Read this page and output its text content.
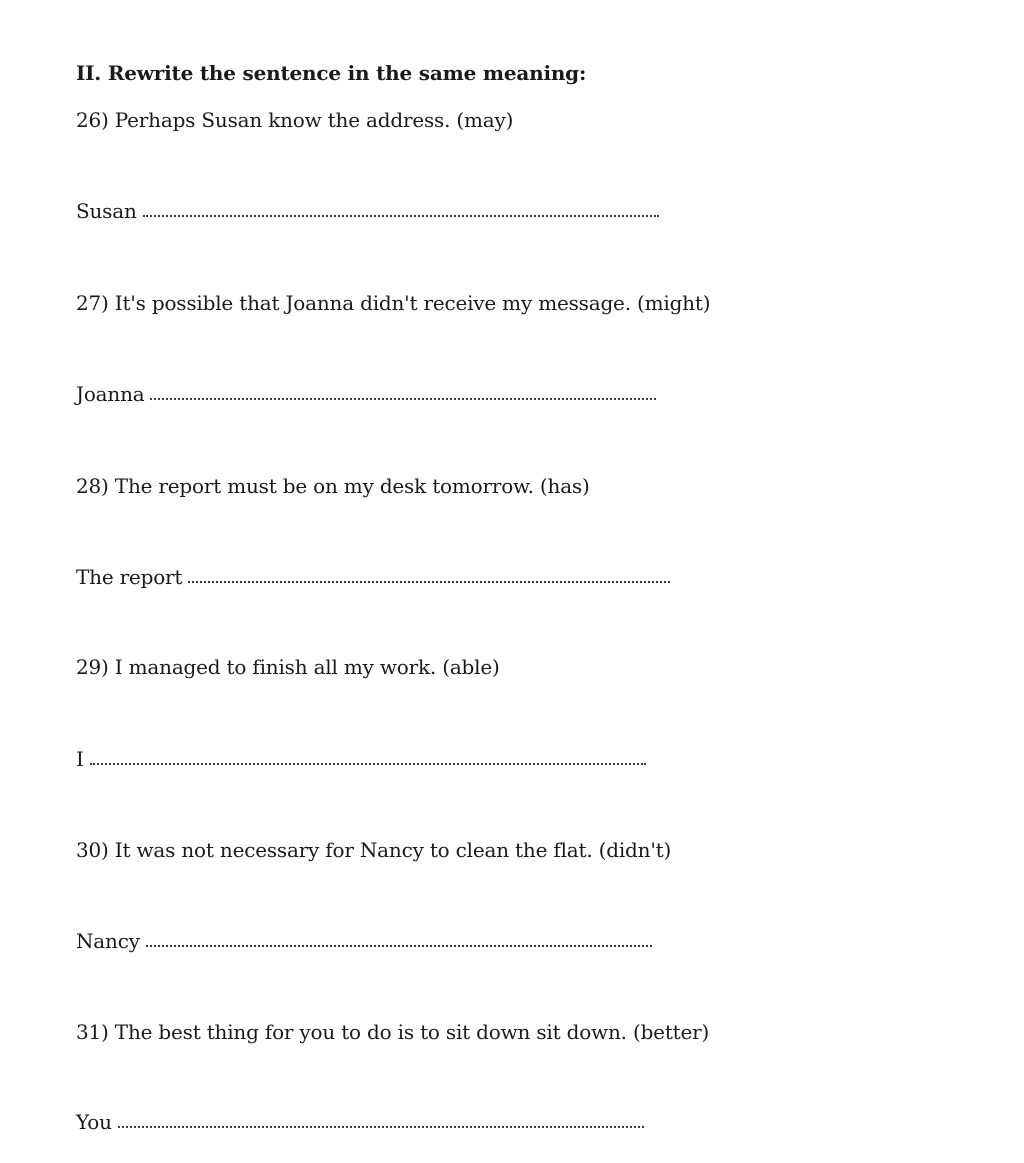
II. Rewrite the sentence in the same meaning:
26) Perhaps Susan know the address. (may)
Susan
27) It's possible that Joanna didn't receive my message. (might)
Joanna
28) The report must be on my desk tomorrow. (has)
The report
29) I managed to finish all my work. (able)
I
30) It was not necessary for Nancy to clean the flat. (didn't)
Nancy
31) The best thing for you to do is to sit down sit down. (better)
You
